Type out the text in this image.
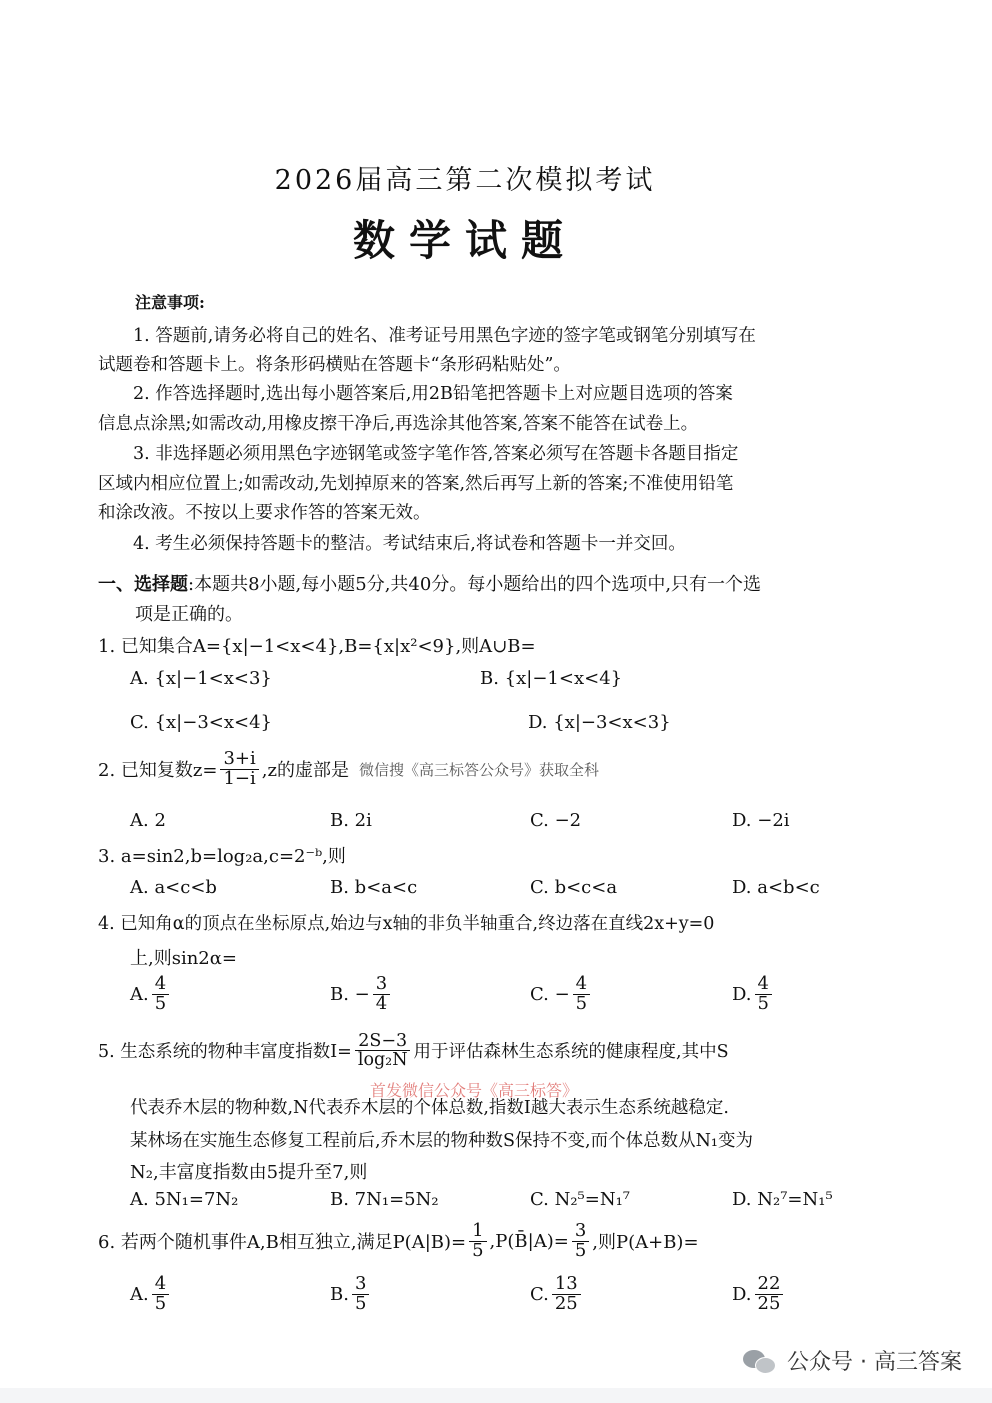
2026届高三第二次模拟考试
数学试题
注意事项:
1. 答题前,请务必将自己的姓名、准考证号用黑色字迹的签字笔或钢笔分别填写在
试题卷和答题卡上。将条形码横贴在答题卡“条形码粘贴处”。
2. 作答选择题时,选出每小题答案后,用2B铅笔把答题卡上对应题目选项的答案
信息点涂黑;如需改动,用橡皮擦干净后,再选涂其他答案,答案不能答在试卷上。
3. 非选择题必须用黑色字迹钢笔或签字笔作答,答案必须写在答题卡各题目指定
区域内相应位置上;如需改动,先划掉原来的答案,然后再写上新的答案;不准使用铅笔
和涂改液。不按以上要求作答的答案无效。
4. 考生必须保持答题卡的整洁。考试结束后,将试卷和答题卡一并交回。
一、选择题:本题共8小题,每小题5分,共40分。每小题给出的四个选项中,只有一个选
项是正确的。
1. 已知集合A={x|−1<x<4},B={x|x²<9},则A∪B=
A. {x|−1<x<3}	B. {x|−1<x<4}
C. {x|−3<x<4}	D. {x|−3<x<3}
2. 已知复数$z= \frac{3+i}{1-i} ,z$的虚部是 微信搜《高三标答公众号》获取全科
A. 2	B. 2i	C. −2	D. −2i
3. a=sin2,b=log₂a,c=2⁻ᵇ,则
A. a<c<b	B. b<a<c	C. b<c<a	D. a<b<c
4. 已知角α的顶点在坐标原点,始边与x轴的非负半轴重合,终边落在直线2x+y=0
上,则sin2α=
A. $\frac{4}{5}$	B. − $\frac{3}{4}$	C. − $\frac{4}{5}$	D. $\frac{4}{5}$
5. 生态系统的物种丰富度指数$I= \frac{2S-3}{\text{log₂N}}$ 用于评估森林生态系统的健康程度,其中S
首发微信公众号《高三标答》
代表乔木层的物种数,N代表乔木层的个体总数,指数I越大表示生态系统越稳定.
某林场在实施生态修复工程前后,乔木层的物种数S保持不变,而个体总数从N₁变为
N₂,丰富度指数由5提升至7,则
A. 5N₁=7N₂	B. 7N₁=5N₂	C. N₂⁵=N₁⁷	D. N₂⁷=N₁⁵
6. 若两个随机事件A,B相互独立,满足$P(A|B)= \frac{1}{5}$ ,P(B̄|A)= $\frac{3}{5}$ ,则P(A+B)=
A. $\frac{4}{5}$	B. $\frac{3}{5}$	C. $\frac{13}{25}$	D. $\frac{22}{25}$
公众号 · 高三答案
